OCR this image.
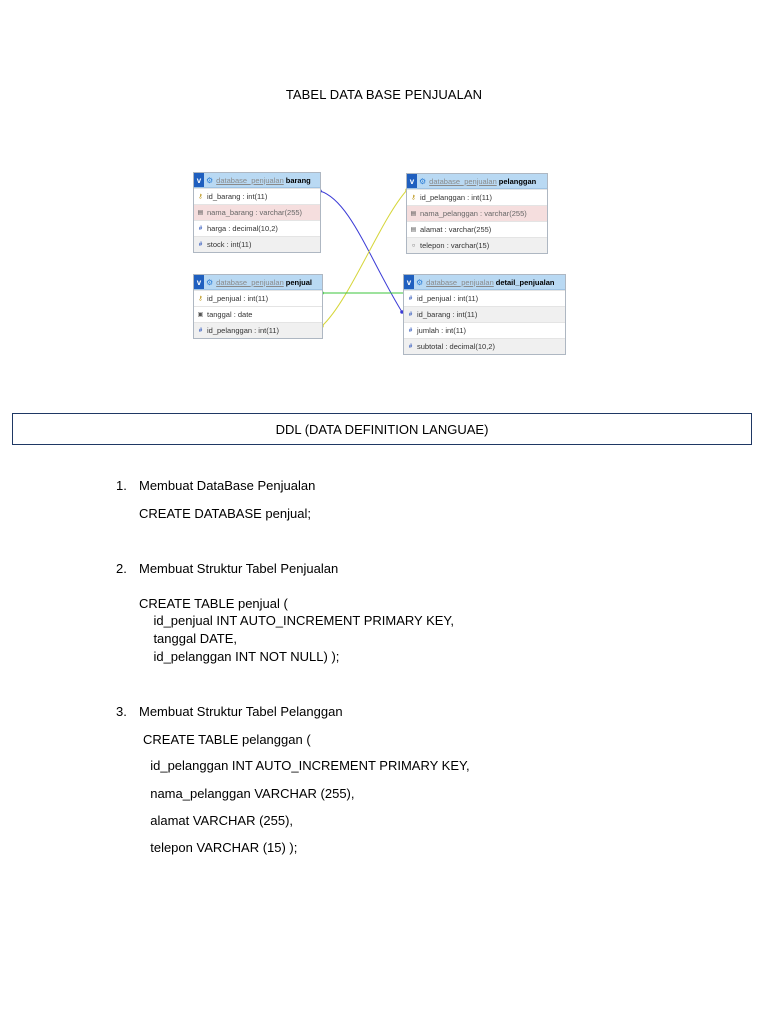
TABEL DATA BASE PENJUALAN
v ⚙ database_penjualan barang
⚷ id_barang : int(11)
▤ nama_barang : varchar(255)
# harga : decimal(10,2)
# stock : int(11)
v ⚙ database_penjualan pelanggan
⚷ id_pelanggan : int(11)
▤ nama_pelanggan : varchar(255)
▤ alamat : varchar(255)
○ telepon : varchar(15)
v ⚙ database_penjualan penjual
⚷ id_penjual : int(11)
▣ tanggal : date
# id_pelanggan : int(11)
v ⚙ database_penjualan detail_penjualan
# id_penjual : int(11)
# id_barang : int(11)
# jumlah : int(11)
# subtotal : decimal(10,2)
DDL (DATA DEFINITION LANGUAE)
1. Membuat DataBase Penjualan
CREATE DATABASE penjual;
2. Membuat Struktur Tabel Penjualan
CREATE TABLE penjual (
id_penjual INT AUTO_INCREMENT PRIMARY KEY,
tanggal DATE,
id_pelanggan INT NOT NULL) );
3. Membuat Struktur Tabel Pelanggan
CREATE TABLE pelanggan (
id_pelanggan INT AUTO_INCREMENT PRIMARY KEY,
nama_pelanggan VARCHAR (255),
alamat VARCHAR (255),
telepon VARCHAR (15) );
